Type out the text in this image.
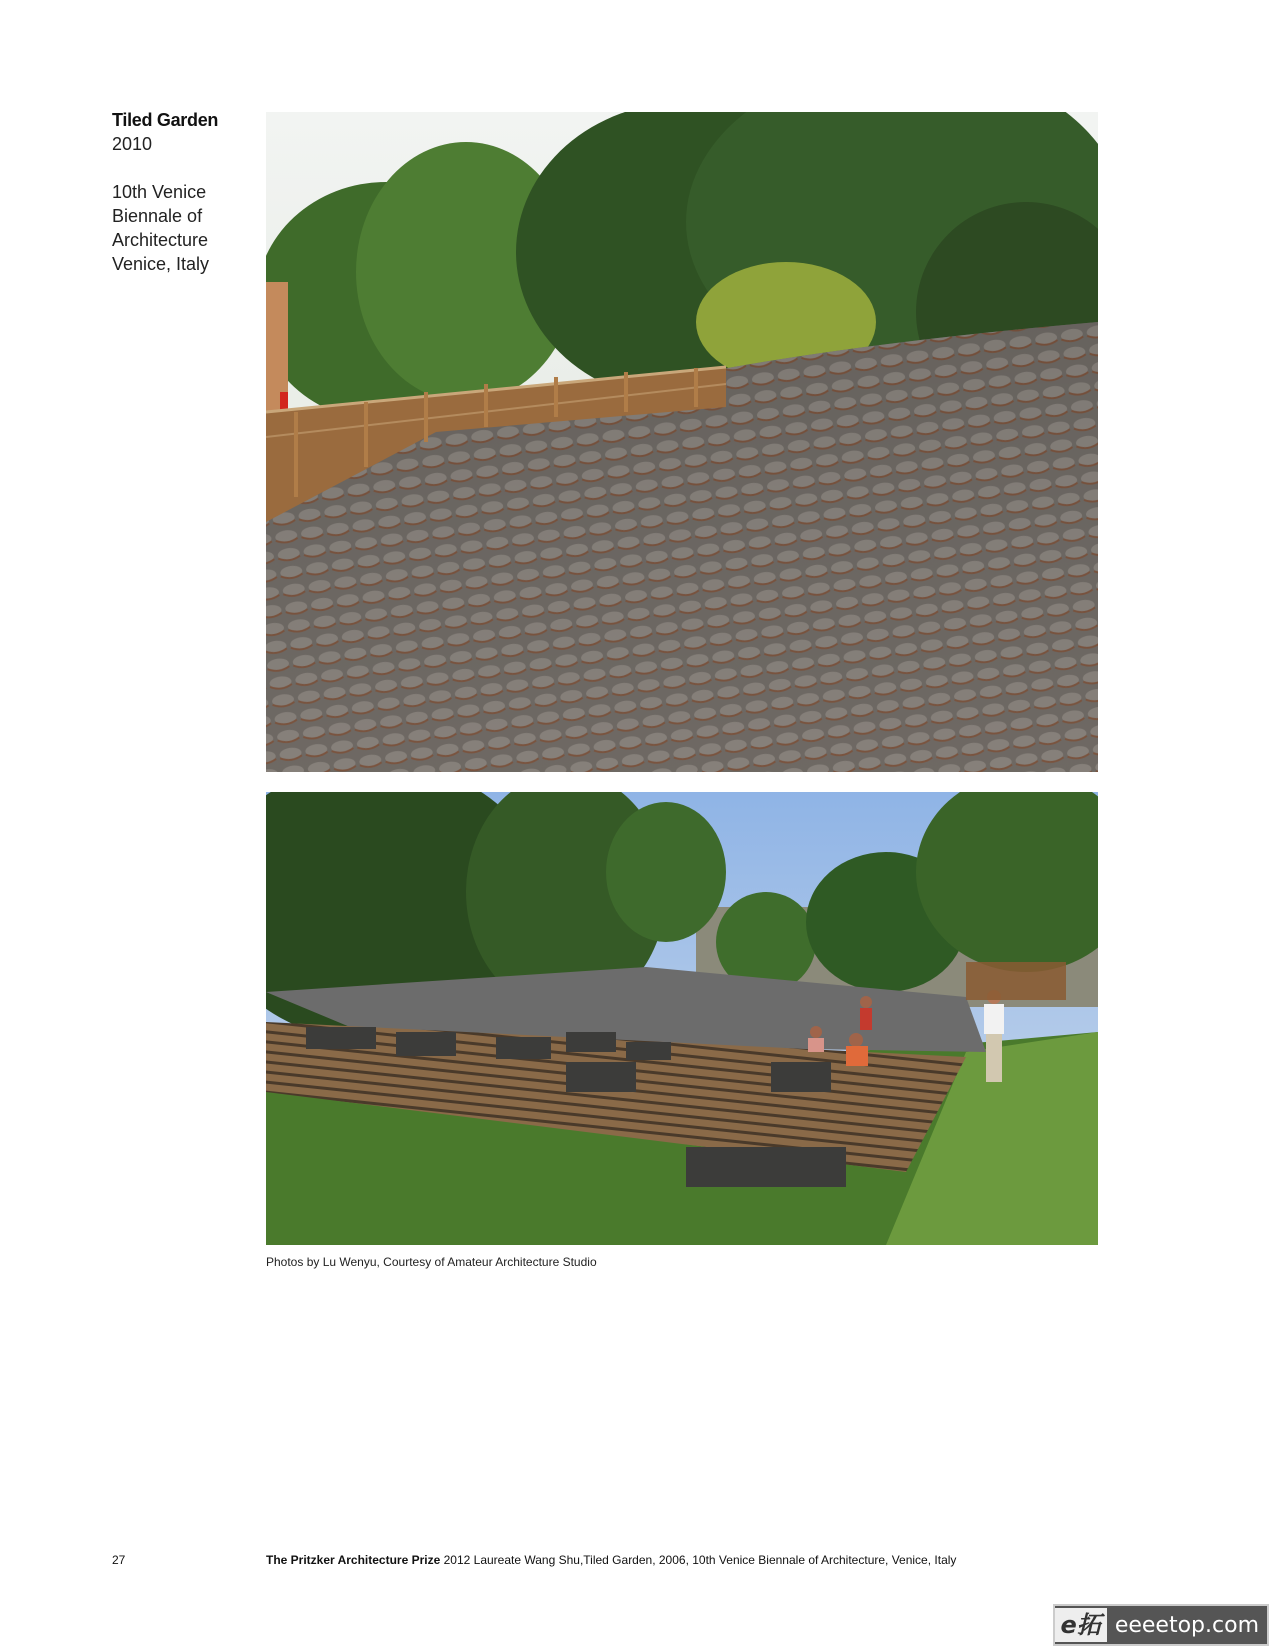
Tiled Garden

2010

10th Venice
Biennale of
Architecture
Venice, Italy
Photos by Lu Wenyu, Courtesy of Amateur Architecture Studio
27	The Pritzker Architecture Prize 2012 Laureate Wang Shu,Tiled Garden, 2006, 10th Venice Biennale of Architecture, Venice, Italy
e拓 eeeetop.com
